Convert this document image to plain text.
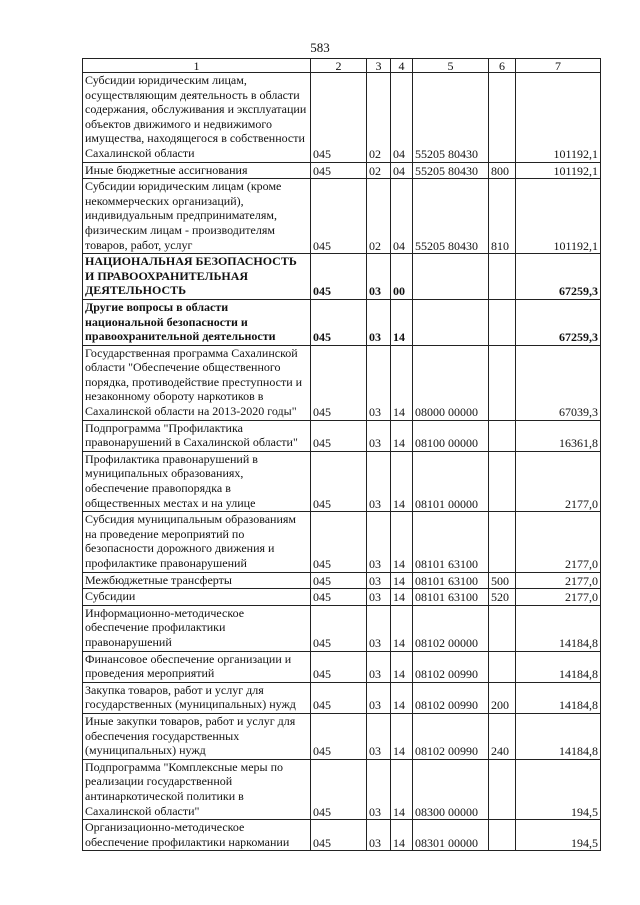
583
1	2	3	4	5	6	7
Субсидии юридическим лицам, осуществляющим деятельность в области содержания, обслуживания и эксплуатации объектов движимого и недвижимого имущества, находящегося в собственности Сахалинской области	045	02	04	55205 80430		101192,1
Иные бюджетные ассигнования	045	02	04	55205 80430	800	101192,1
Субсидии юридическим лицам (кроме некоммерческих организаций), индивидуальным предпринимателям, физическим лицам - производителям товаров, работ, услуг	045	02	04	55205 80430	810	101192,1
НАЦИОНАЛЬНАЯ БЕЗОПАСНОСТЬ И ПРАВООХРАНИТЕЛЬНАЯ ДЕЯТЕЛЬНОСТЬ	045	03	00			67259,3
Другие вопросы в области национальной безопасности и правоохранительной деятельности	045	03	14			67259,3
Государственная программа Сахалинской области "Обеспечение общественного порядка, противодействие преступности и незаконному обороту наркотиков в Сахалинской области на 2013-2020 годы"	045	03	14	08000 00000		67039,3
Подпрограмма "Профилактика правонарушений в Сахалинской области"	045	03	14	08100 00000		16361,8
Профилактика правонарушений в муниципальных образованиях, обеспечение правопорядка в общественных местах и на улице	045	03	14	08101 00000		2177,0
Субсидия муниципальным образованиям на проведение мероприятий по безопасности дорожного движения и профилактике правонарушений	045	03	14	08101 63100		2177,0
Межбюджетные трансферты	045	03	14	08101 63100	500	2177,0
Субсидии	045	03	14	08101 63100	520	2177,0
Информационно-методическое обеспечение профилактики правонарушений	045	03	14	08102 00000		14184,8
Финансовое обеспечение организации и проведения мероприятий	045	03	14	08102 00990		14184,8
Закупка товаров, работ и услуг для государственных (муниципальных) нужд	045	03	14	08102 00990	200	14184,8
Иные закупки товаров, работ и услуг для обеспечения государственных (муниципальных) нужд	045	03	14	08102 00990	240	14184,8
Подпрограмма "Комплексные меры по реализации государственной антинаркотической политики в Сахалинской области"	045	03	14	08300 00000		194,5
Организационно-методическое обеспечение профилактики наркомании	045	03	14	08301 00000		194,5
